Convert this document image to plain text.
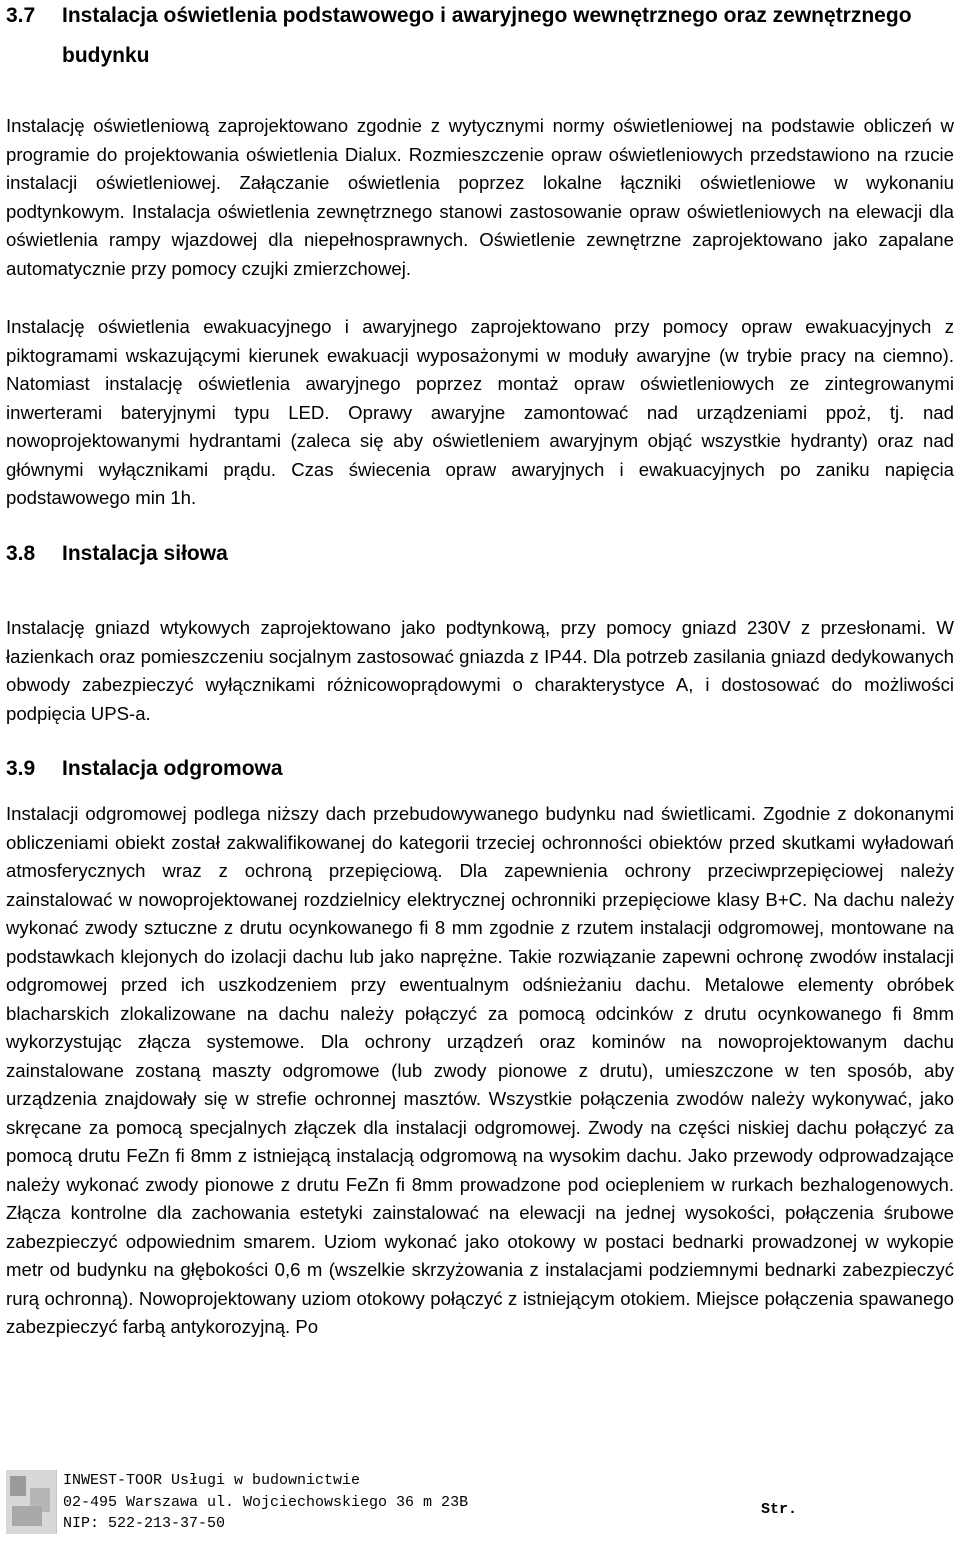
3.7 Instalacja oświetlenia podstawowego i awaryjnego wewnętrznego oraz zewnętrznego
budynku
Instalację oświetleniową zaprojektowano zgodnie z wytycznymi normy oświetleniowej na podstawie obliczeń w programie do projektowania oświetlenia Dialux. Rozmieszczenie opraw oświetleniowych przedstawiono na rzucie instalacji oświetleniowej. Załączanie oświetlenia poprzez lokalne łączniki oświetleniowe w wykonaniu podtynkowym. Instalacja oświetlenia zewnętrznego stanowi zastosowanie opraw oświetleniowych na elewacji dla oświetlenia rampy wjazdowej dla niepełnosprawnych. Oświetlenie zewnętrzne zaprojektowano jako zapalane automatycznie przy pomocy czujki zmierzchowej.
Instalację oświetlenia ewakuacyjnego i awaryjnego zaprojektowano przy pomocy opraw ewakuacyjnych z piktogramami wskazującymi kierunek ewakuacji wyposażonymi w moduły awaryjne (w trybie pracy na ciemno). Natomiast instalację oświetlenia awaryjnego poprzez montaż opraw oświetleniowych ze zintegrowanymi inwerterami bateryjnymi typu LED. Oprawy awaryjne zamontować nad urządzeniami ppoż, tj. nad nowoprojektowanymi hydrantami (zaleca się aby oświetleniem awaryjnym objąć wszystkie hydranty) oraz nad głównymi wyłącznikami prądu. Czas świecenia opraw awaryjnych i ewakuacyjnych po zaniku napięcia podstawowego min 1h.
3.8 Instalacja siłowa
Instalację gniazd wtykowych zaprojektowano jako podtynkową, przy pomocy gniazd 230V z przesłonami. W łazienkach oraz pomieszczeniu socjalnym zastosować gniazda z IP44. Dla potrzeb zasilania gniazd dedykowanych obwody zabezpieczyć wyłącznikami różnicowoprądowymi o charakterystyce A, i dostosować do możliwości podpięcia UPS-a.
3.9 Instalacja odgromowa
Instalacji odgromowej podlega niższy dach przebudowywanego budynku nad świetlicami. Zgodnie z dokonanymi obliczeniami obiekt został zakwalifikowanej do kategorii trzeciej ochronności obiektów przed skutkami wyładowań atmosferycznych wraz z ochroną przepięciową. Dla zapewnienia ochrony przeciwprzepięciowej należy zainstalować w nowoprojektowanej rozdzielnicy elektrycznej ochronniki przepięciowe klasy B+C. Na dachu należy wykonać zwody sztuczne z drutu ocynkowanego fi 8 mm zgodnie z rzutem instalacji odgromowej, montowane na podstawkach klejonych do izolacji dachu lub jako naprężne. Takie rozwiązanie zapewni ochronę zwodów instalacji odgromowej przed ich uszkodzeniem przy ewentualnym odśnieżaniu dachu. Metalowe elementy obróbek blacharskich zlokalizowane na dachu należy połączyć za pomocą odcinków z drutu ocynkowanego fi 8mm wykorzystując złącza systemowe. Dla ochrony urządzeń oraz kominów na nowoprojektowanym dachu zainstalowane zostaną maszty odgromowe (lub zwody pionowe z drutu), umieszczone w ten sposób, aby urządzenia znajdowały się w strefie ochronnej masztów. Wszystkie połączenia zwodów należy wykonywać, jako skręcane za pomocą specjalnych złączek dla instalacji odgromowej. Zwody na części niskiej dachu połączyć za pomocą drutu FeZn fi 8mm z istniejącą instalacją odgromową na wysokim dachu. Jako przewody odprowadzające należy wykonać zwody pionowe z drutu FeZn fi 8mm prowadzone pod ociepleniem w rurkach bezhalogenowych. Złącza kontrolne dla zachowania estetyki zainstalować na elewacji na jednej wysokości, połączenia śrubowe zabezpieczyć odpowiednim smarem. Uziom wykonać jako otokowy w postaci bednarki prowadzonej w wykopie metr od budynku na głębokości 0,6 m (wszelkie skrzyżowania z instalacjami podziemnymi bednarki zabezpieczyć rurą ochronną). Nowoprojektowany uziom otokowy połączyć z istniejącym otokiem. Miejsce połączenia spawanego zabezpieczyć farbą antykorozyjną. Po
INWEST-TOOR Usługi w budownictwie
02-495 Warszawa ul. Wojciechowskiego 36 m 23B
NIP: 522-213-37-50
Str.
